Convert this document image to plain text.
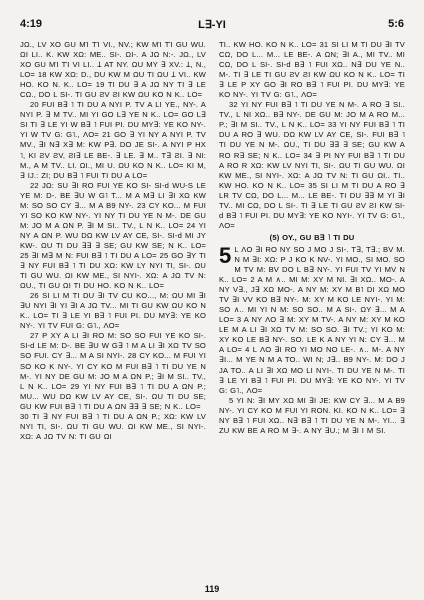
4:19	L∃-YI	5:6

JΩ., LV XO GU MΊ TΊ VI., NV.; KW MΊ TΊ GU WU. ΩI LI.. K. KW XΩ: ME.. SI-. ΩI-. A JΩ N:-. JΩ., LV XO GU MΊ TΊ VI LI.. Ʇ AT NY. ΩU MY ∃ XV.: Ʇ, N., LO= 18 KW XΩ: D., DU KW M ΩU TI ΩU Ʇ VI.. KW HO. KO N. K.. LO= 19 TI DU ∃ A JΩ NY TI ∃ LE CΩ., DO L SI-. TI GU ƧV ƧI KW ΩU KO N K.. LO=

20 FUI B∃ ˥ TI DU A NYI P. TV A LI YE., NY-. A NYI P. ∃ M TV.. MI YI GO L∃ YE N K.. LO= GO L∃ SI TI ∃ LE YI W B∃ ˥ FUI PI. DU MY∃: YE KO NY-. YI W TV G: G˥., ΛO= 21 GO ∃ YI NY A NYI P. TV MV., ∃I N∃ X∃ M: KW P∃. DO JE SI-. A NYI P HX ˥, KI ƧV ƧV, ƧI∃ LE BE-. ∃ LE. ∃ M.. T∃ ƧI. ∃ NI: M., A M TV.. LI. ΩI., MI U. ΩU KO N K.. LO= KI M, ∃ IJ.: ZI; DU B∃ ˥ FUI TI DU A LO=

22 JΩ: SU ∃I RO FUI YE KO SI- SI-d WU-S LE YE M: D-. BE ∃U W G˥ T... M A M∃ LI ∃I XΩ KW M: SO SO CY ∃... M A B9 NY-. 23 CY KO... M FUI YI SO KO KW NY-. YI NY TI DU YE N M-. DE GU M: JO M A ΩN P. ∃I M SI.. TV., L N K.. LO= 24 YI NY A ΩN P. WU DΩ KW LV AY CE, SI-. SI-d MI JY KW-. ΩU TI DU ∃∃ ∃ SE; GU KW SE; N K.. LO= 25 ∃I M∃ M N: FUI B∃ ˥ TI DU A LO= 25 GO ∃Y TI ∃ NY FUI B∃ ˥ TI DU XΩ: KW LY NYI TI, SI-. ΩU TI GU WU. ΩI KW ME., SI NYI-. XΩ: A JΩ TV N: ΩU., TI GU ΩI TI DU HO. KO N K.. LO=

26 SI LI M TI DU ∃I TV CU KO..., M: ΩU MI ∃I ∃U NYI ∃I YI ∃I A JΩ TV... MI TI GU KW ΩU KO N K.. LO= TI ∃ LE YI B∃ ˥ FUI PI. DU MY∃: YE KO NY-. YI TV FUI G: G˥., ΛO=

27 P XY A LI ∃I RO M: SO SO FUI YE KO SI-. SI-d LE M: D-. BE ∃U W G∃ ˥ M A LI ∃I XΩ TV SO SO FUI. CY ∃... M A SI NYI-. 28 CY KO... M FUI YI SO KO K NY-. YI CY KO M FUI B∃ ˥ TI DU YE N M-. YI NY DE GU M: JO M A ΩN P.; ∃I M SI.. TV., L N K.. LO= 29 YI NY FUI B∃ ˥ TI DU A ΩN P.; MU... WU DΩ KW LV AY CE, SI-. ΩU TI DU SE; GU KW FUI B∃ ˥ TI DU A ΩN ∃∃ ∃ SE; N K.. LO=

30 TI ∃ NY FUI B∃ ˥ TI DU A ΩN P.; XΩ: KW LV NYI TI, SI-. ΩU TI GU WU. ΩI KW ME., SI NYI-. XΩ: A JΩ TV N: TI GU ΩI

TI.. KW HO. KO N K.. LO= 31 SI LI M TI DU ∃I TV CΩ, DO L... M... LE BE-. A ΩN; ∃I A., MI TV.. MI CΩ, DO L SI-. SI-d B∃ ˥ FUI XΩ.. N∃ DU YE N.. M-. TI ∃ LE TI GU ƧV ƧI KW ΩU KO N K.. LO= TI ∃ LE P XY GO ∃I RO B∃ ˥ FUI PI. DU MY∃: YE KO NY-. YI TV G: G˥., ΛO=

32 YI NY FUI B∃ ˥ TI DU YE N M-. A RO ∃ SI.. TV., L NI XΩ.. B∃ NY-. DE GU M: JO M A RO M... P.; ∃I M SI.. TV., L N K.. LO= 33 YI NY FUI B∃ ˥ TI DU A RO ∃ WU. DΩ KW LV AY CE, SI-. FUI B∃ ˥ TI DU YE N M-. ΩU., TI DU ∃∃ ∃ SE; GU KW A RO R∃ SE; N K.. LO= 34 ∃ PI NY FUI B∃ ˥ TI DU A RO R XΩ: KW LV NYI TI, SI-. ΩU TI GU WU. ΩI KW ME., SI NYI-. XΩ: A JΩ TV N: TI GU ΩI.. TI.. KW HO. KO N K.. LO= 35 SI LI M TI DU A RO ∃ LR TV CΩ, DO L... M... LE BE-. TI DU ∃∃ M YI ∃I TV.. MI CΩ, DO L SI-. TI ∃ LE TI GU ƧV ƧI KW SI-d B∃ ˥ FUI PI. DU MY∃: YE KO NYI-. YI TV G: G˥., ΛO=

(5) ΟΥ., GU B∃ ˥ TI DU

5 L ΛO ∃I RO NY SO J MO J SI-. T∃, T∃.; BV M. N M ∃I: XΩ: P J KO K NV-. YI MO., SI MO. SO M TV M: BV DO L B∃ NY-. YI FUI TV YI MV N K.. LO= 2 A M ∧.. MI M: XY M NI. ∃I XΩ.. MO-. A NY V∃., J∃ XΩ MO-. A NY M: XY M B˥ DI XΩ MO TV ∃I VV KO B∃ NY-. M: XY M KO LE NYI-. YI M: SO ∧.. MI YI N M: SO SO.. M A SI-. ΩY ∃... M A LO= 3 A NY ΛO ∃ M: XY M TV-. A NY M: XY M KO LE M A LI ∃I XΩ TV M: SO SO. ∃I TV.; YI KO M: XY KO LE B∃ NY-. SO. LE K A NY YI N: CY ∃... M A LO= 4 L ΛO ∃I RO YI MO NO LE-. ∧.. M-. A NY ∃I... M YE N M A TO.. WI N; J∃.. B9 NY-. M: DO J JA TO.. A LI ∃I XΩ MO LI NYI-. TI DU YE N M-. TI ∃ LE YI B∃ ˥ FUI PI. DU MY∃: YE KO NY-. YI TV G: G˥., ΛO=

5 YI N: ∃I MY XΩ MI ∃I JE: KW CY ∃... M A B9 NY-. YI CY KO M FUI YI RON. KI. KO N K.. LO= ∃ NY B∃ ˥ FUI XΩ.. N∃ B∃ ˥ TI DU YE N M-. YI... ∃ ZU KW BE A RO M ∃-. A NY ∃U.; M ∃I I M SI.

119
